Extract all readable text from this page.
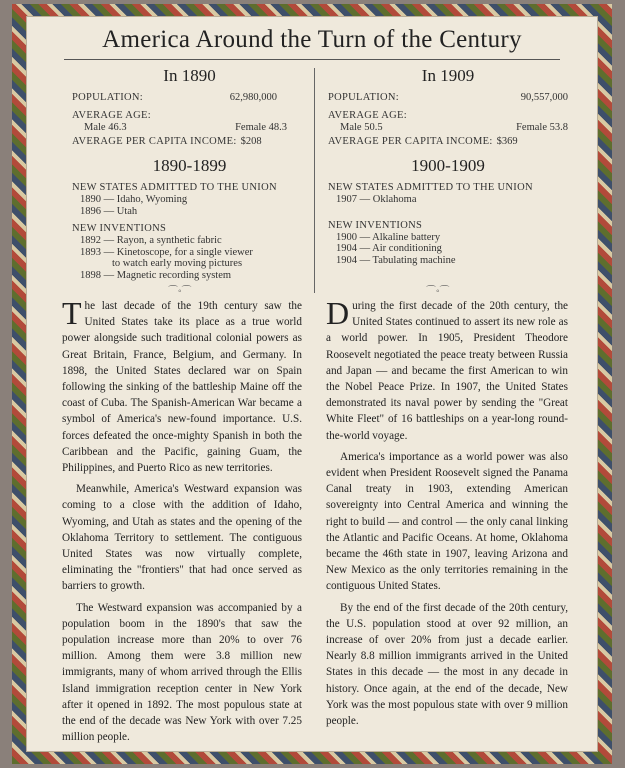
America Around the Turn of the Century
In 1890
POPULATION:	62,980,000
AVERAGE AGE:
Male 46.3	Female 48.3
AVERAGE PER CAPITA INCOME: $208
1890-1899
NEW STATES ADMITTED TO THE UNION
1890 — Idaho, Wyoming
1896 — Utah
NEW INVENTIONS
1892 — Rayon, a synthetic fabric
1893 — Kinetoscope, for a single viewer
to watch early moving pictures
1898 — Magnetic recording system
In 1909
POPULATION:	90,557,000
AVERAGE AGE:
Male 50.5	Female 53.8
AVERAGE PER CAPITA INCOME: $369
1900-1909
NEW STATES ADMITTED TO THE UNION
1907 — Oklahoma
NEW INVENTIONS
1900 — Alkaline battery
1904 — Air conditioning
1904 — Tabulating machine
⌒◦⌒	⌒◦⌒

The last decade of the 19th century saw the United States take its place as a true world power alongside such traditional colonial powers as Great Britain, France, Belgium, and Germany. In 1898, the United States declared war on Spain following the sinking of the battleship Maine off the coast of Cuba. The Spanish-American War became a symbol of America's new-found importance. U.S. forces defeated the once-mighty Spanish in both the Caribbean and the Pacific, gaining Guam, the Philippines, and Puerto Rico as new territories.

Meanwhile, America's Westward expansion was coming to a close with the addition of Idaho, Wyoming, and Utah as states and the opening of the Oklahoma Territory to settlement. The contiguous United States was now virtually complete, eliminating the "frontiers" that had once served as barriers to growth.

The Westward expansion was accompanied by a population boom in the 1890's that saw the population increase more than 20% to over 76 million. Among them were 3.8 million new immigrants, many of whom arrived through the Ellis Island immigration reception center in New York after it opened in 1892. The most populous state at the end of the decade was New York with over 7.25 million people.

During the first decade of the 20th century, the United States continued to assert its new role as a world power. In 1905, President Theodore Roosevelt negotiated the peace treaty between Russia and Japan — and became the first American to win the Nobel Peace Prize. In 1907, the United States demonstrated its naval power by sending the "Great White Fleet" of 16 battleships on a year-long round-the-world voyage.

America's importance as a world power was also evident when President Roosevelt signed the Panama Canal treaty in 1903, extending American sovereignty into Central America and winning the right to build — and control — the only canal linking the Atlantic and Pacific Oceans. At home, Oklahoma became the 46th state in 1907, leaving Arizona and New Mexico as the only territories remaining in the contiguous United States.

By the end of the first decade of the 20th century, the U.S. population stood at over 92 million, an increase of over 20% from just a decade earlier. Nearly 8.8 million immigrants arrived in the United States in this decade — the most in any decade in history. Once again, at the end of the decade, New York was the most populous state with over 9 million people.
